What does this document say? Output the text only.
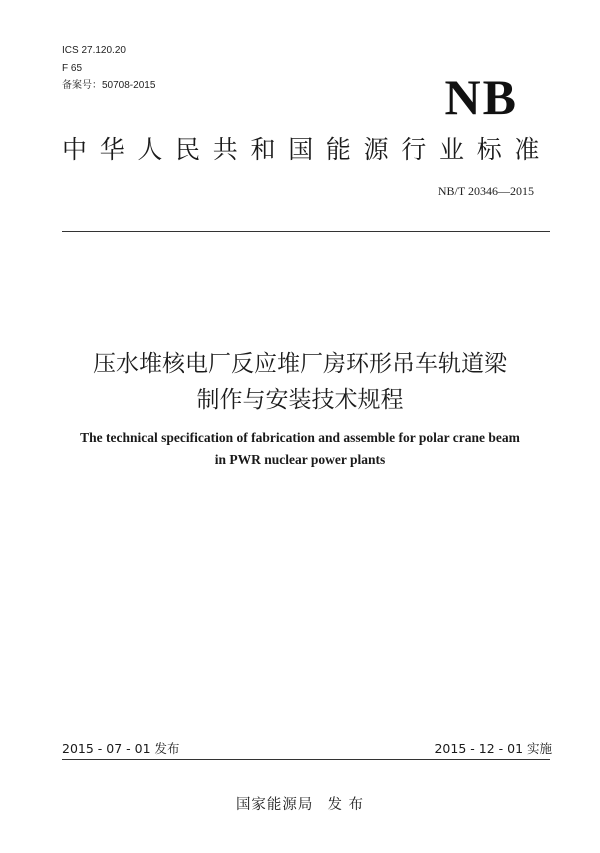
ICS 27.120.20
F 65
备案号：50708-2015	NB
中华人民共和国能源行业标准
NB/T 20346—2015
压水堆核电厂反应堆厂房环形吊车轨道梁
制作与安装技术规程
The technical specification of fabrication and assemble for polar crane beam
in PWR nuclear power plants
2015 - 07 - 01 发布	2015 - 12 - 01 实施
国家能源局 发 布
